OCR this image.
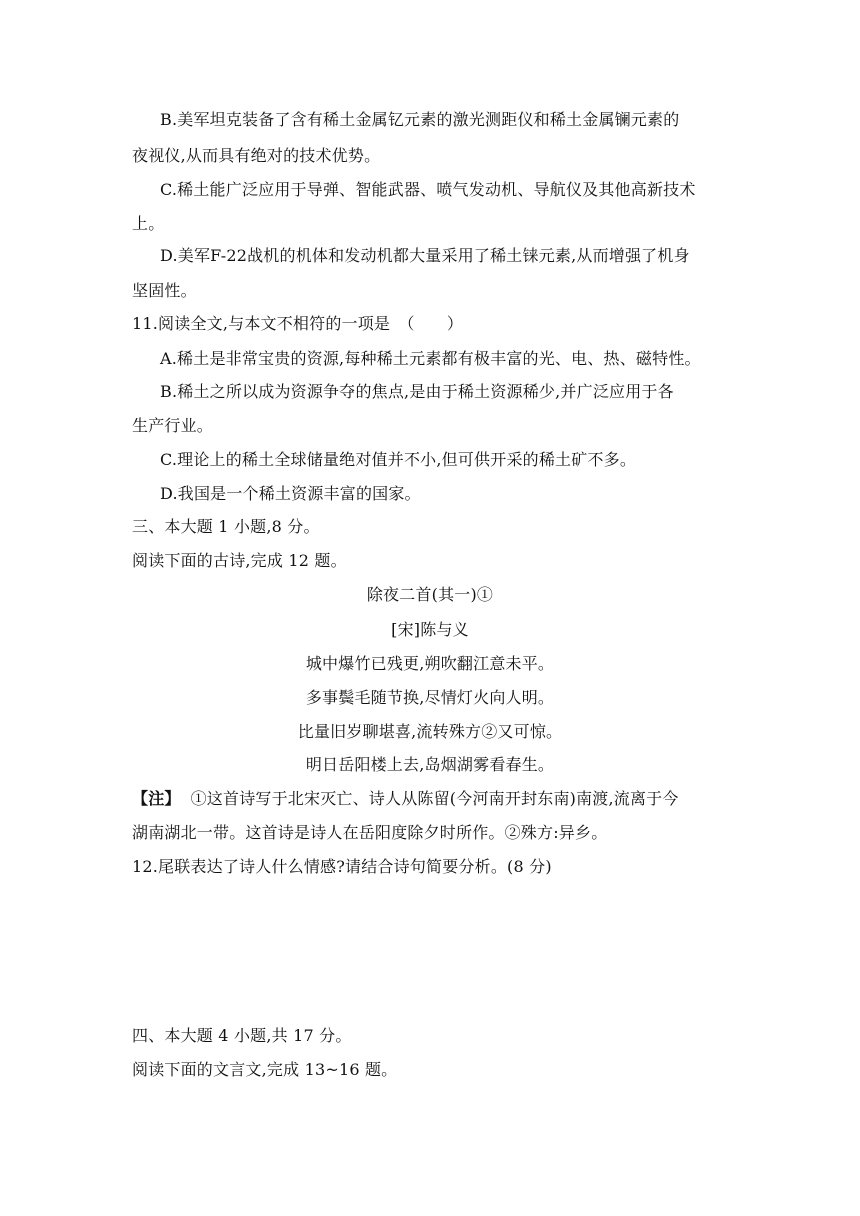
B.美军坦克装备了含有稀土金属钇元素的激光测距仪和稀土金属镧元素的
夜视仪,从而具有绝对的技术优势。
C.稀土能广泛应用于导弹、智能武器、喷气发动机、导航仪及其他高新技术
上。
D.美军F-22战机的机体和发动机都大量采用了稀土铼元素,从而增强了机身
坚固性。
11.阅读全文,与本文不相符的一项是　（　　）
A.稀土是非常宝贵的资源,每种稀土元素都有极丰富的光、电、热、磁特性。
B.稀土之所以成为资源争夺的焦点,是由于稀土资源稀少,并广泛应用于各
生产行业。
C.理论上的稀土全球储量绝对值并不小,但可供开采的稀土矿不多。
D.我国是一个稀土资源丰富的国家。
三、本大题 1 小题,8 分。
阅读下面的古诗,完成 12 题。
除夜二首(其一)①
[宋]陈与义
城中爆竹已残更,朔吹翻江意未平。
多事鬓毛随节换,尽情灯火向人明。
比量旧岁聊堪喜,流转殊方②又可惊。
明日岳阳楼上去,岛烟湖雾看春生。
【注】 ①这首诗写于北宋灭亡、诗人从陈留(今河南开封东南)南渡,流离于今
湖南湖北一带。这首诗是诗人在岳阳度除夕时所作。②殊方:异乡。
12.尾联表达了诗人什么情感?请结合诗句简要分析。(8 分)
四、本大题 4 小题,共 17 分。
阅读下面的文言文,完成 13~16 题。
